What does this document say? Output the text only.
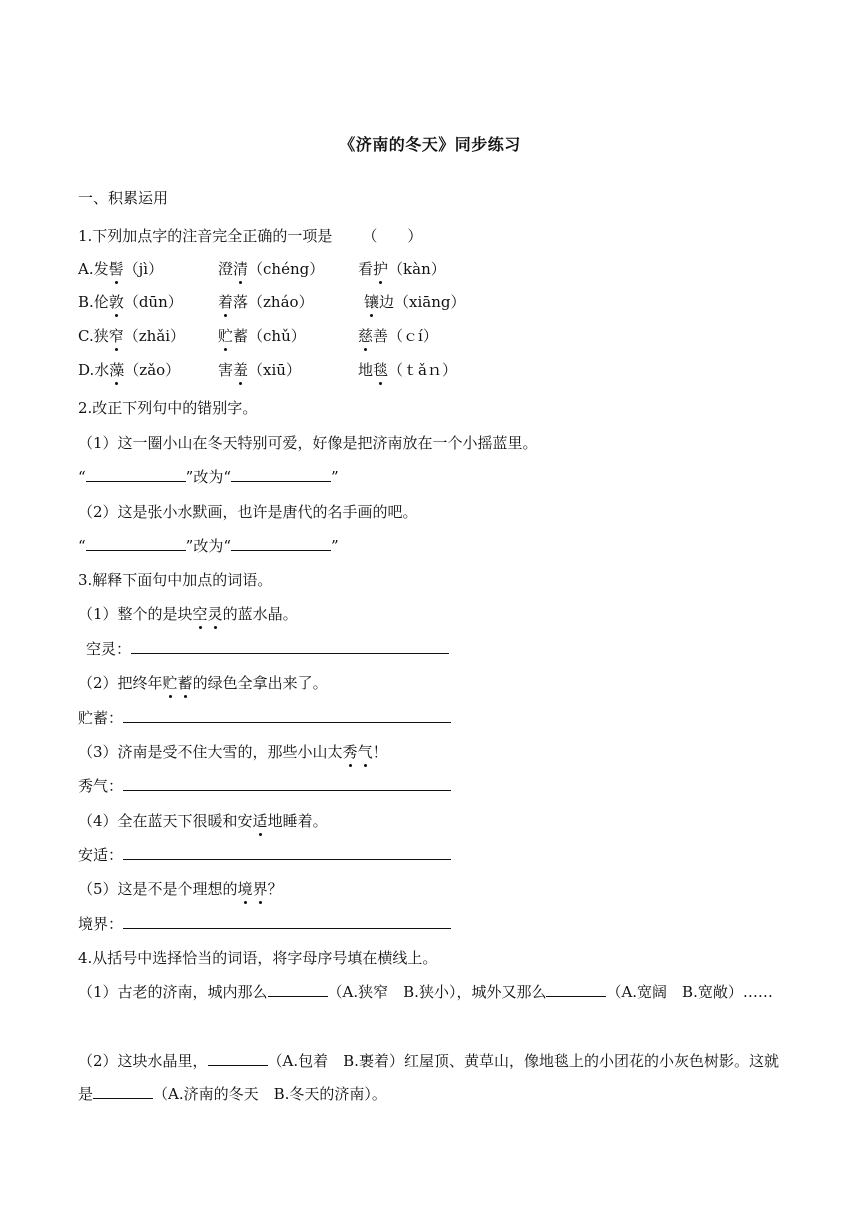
《济南的冬天》同步练习
一、积累运用
1.下列加点字的注音完全正确的一项是 （　　）
A.发髻（jì）	澄清（chéng） 看护（kàn）
B.伦敦（dūn） 着落（zháo）	镶边（xiāng）
C.狭窄（zhǎi） 贮蓄（chǔ）	慈善（ｃí）
D.水藻（zǎo）	害羞（xiū）	地毯（ｔǎｎ）
2.改正下列句中的错别字。
（1）这一圈小山在冬天特别可爱，好像是把济南放在一个小摇蓝里。
“	”改为“	”
（2）这是张小水默画，也许是唐代的名手画的吧。
“	”改为“	”
3.解释下面句中加点的词语。
（1）整个的是块空灵的蓝水晶。
空灵：
（2）把终年贮蓄的绿色全拿出来了。
贮蓄：
（3）济南是受不住大雪的，那些小山太秀气！
秀气：
（4）全在蓝天下很暖和安适地睡着。
安适：
（5）这是不是个理想的境界？
境界：
4.从括号中选择恰当的词语，将字母序号填在横线上。
（1）古老的济南，城内那么	（A.狭窄　B.狭小），城外又那么	（A.宽阔　B.宽敞）……
（2）这块水晶里，	（A.包着　B.裹着）红屋顶、黄草山，像地毯上的小团花的小灰色树影。这就是	（A.济南的冬天　B.冬天的济南）。
